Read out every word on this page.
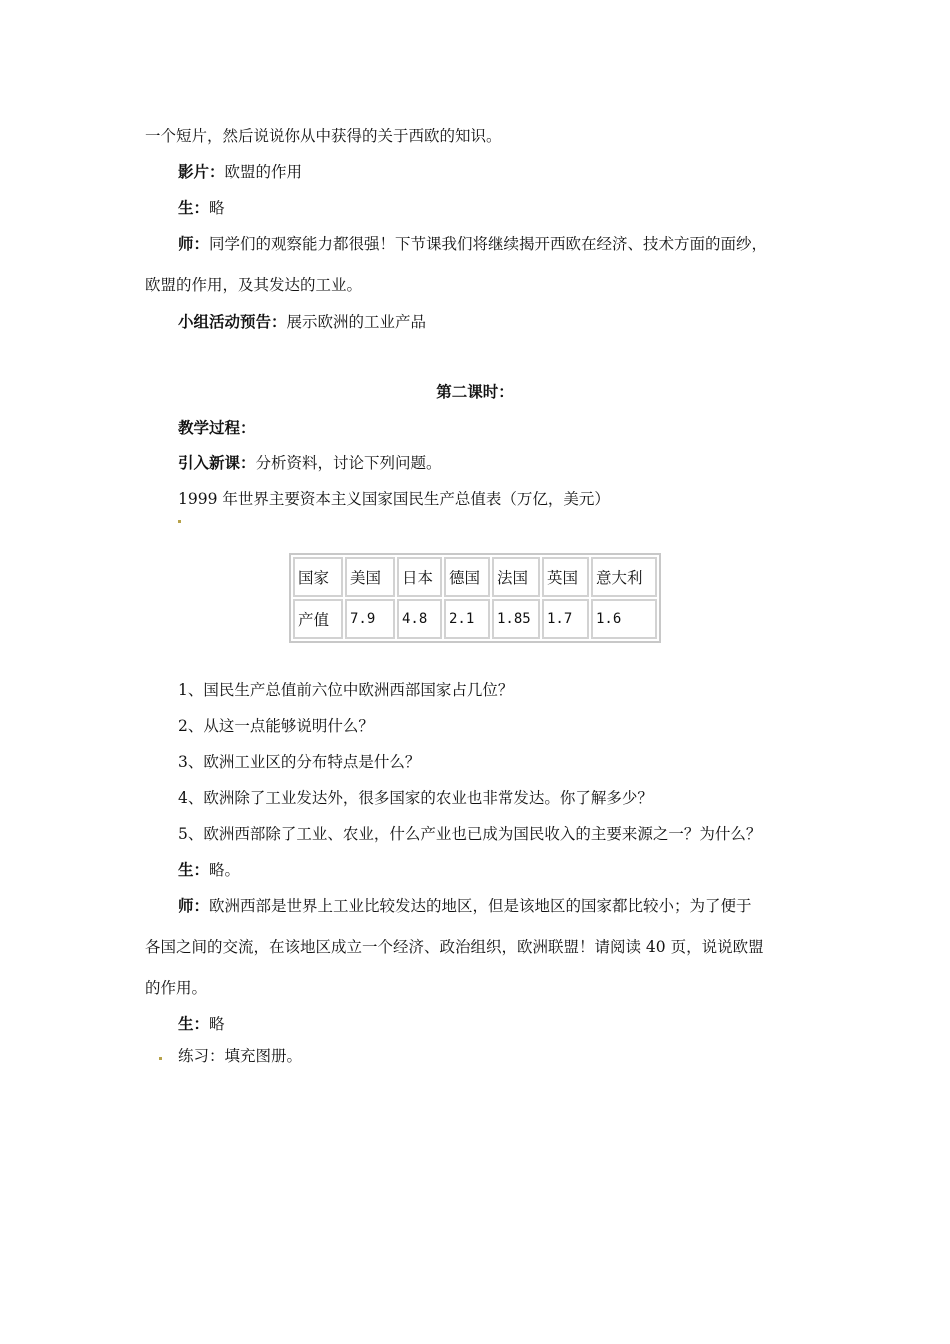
一个短片，然后说说你从中获得的关于西欧的知识。
影片：欧盟的作用
生：略
师：同学们的观察能力都很强！下节课我们将继续揭开西欧在经济、技术方面的面纱，
欧盟的作用，及其发达的工业。
小组活动预告：展示欧洲的工业产品
第二课时：
教学过程：
引入新课：分析资料，讨论下列问题。
1999 年世界主要资本主义国家国民生产总值表（万亿，美元）
国家	美国	日本	德国	法国	英国	意大利
产值	7.9	4.8	2.1	1.85	1.7	1.6
1、国民生产总值前六位中欧洲西部国家占几位？
2、从这一点能够说明什么？
3、欧洲工业区的分布特点是什么？
4、欧洲除了工业发达外，很多国家的农业也非常发达。你了解多少？
5、欧洲西部除了工业、农业，什么产业也已成为国民收入的主要来源之一？为什么？
生：略。
师：欧洲西部是世界上工业比较发达的地区，但是该地区的国家都比较小；为了便于
各国之间的交流，在该地区成立一个经济、政治组织，欧洲联盟！请阅读 40 页，说说欧盟
的作用。
生：略
练习：填充图册。
